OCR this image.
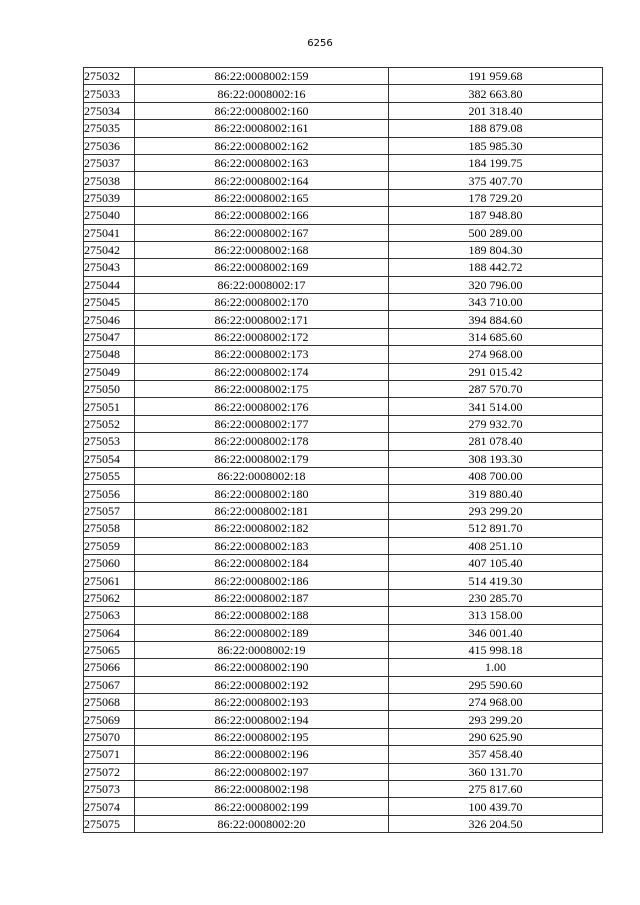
6256
275032	86:22:0008002:159	191 959.68
275033	86:22:0008002:16	382 663.80
275034	86:22:0008002:160	201 318.40
275035	86:22:0008002:161	188 879.08
275036	86:22:0008002:162	185 985.30
275037	86:22:0008002:163	184 199.75
275038	86:22:0008002:164	375 407.70
275039	86:22:0008002:165	178 729.20
275040	86:22:0008002:166	187 948.80
275041	86:22:0008002:167	500 289.00
275042	86:22:0008002:168	189 804.30
275043	86:22:0008002:169	188 442.72
275044	86:22:0008002:17	320 796.00
275045	86:22:0008002:170	343 710.00
275046	86:22:0008002:171	394 884.60
275047	86:22:0008002:172	314 685.60
275048	86:22:0008002:173	274 968.00
275049	86:22:0008002:174	291 015.42
275050	86:22:0008002:175	287 570.70
275051	86:22:0008002:176	341 514.00
275052	86:22:0008002:177	279 932.70
275053	86:22:0008002:178	281 078.40
275054	86:22:0008002:179	308 193.30
275055	86:22:0008002:18	408 700.00
275056	86:22:0008002:180	319 880.40
275057	86:22:0008002:181	293 299.20
275058	86:22:0008002:182	512 891.70
275059	86:22:0008002:183	408 251.10
275060	86:22:0008002:184	407 105.40
275061	86:22:0008002:186	514 419.30
275062	86:22:0008002:187	230 285.70
275063	86:22:0008002:188	313 158.00
275064	86:22:0008002:189	346 001.40
275065	86:22:0008002:19	415 998.18
275066	86:22:0008002:190	1.00
275067	86:22:0008002:192	295 590.60
275068	86:22:0008002:193	274 968.00
275069	86:22:0008002:194	293 299.20
275070	86:22:0008002:195	290 625.90
275071	86:22:0008002:196	357 458.40
275072	86:22:0008002:197	360 131.70
275073	86:22:0008002:198	275 817.60
275074	86:22:0008002:199	100 439.70
275075	86:22:0008002:20	326 204.50
